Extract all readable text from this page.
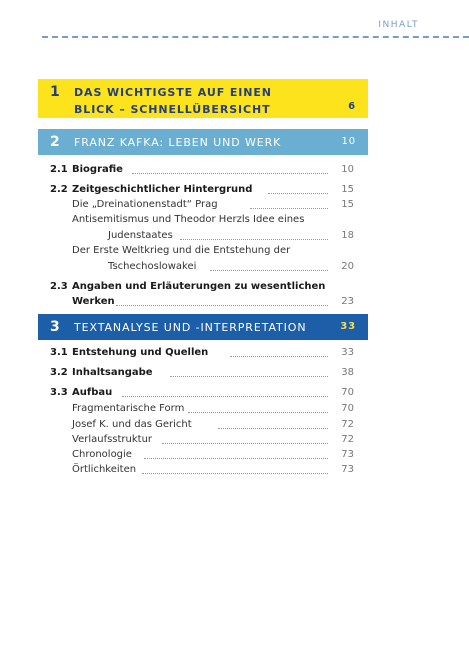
INHALT
1 DAS WICHTIGSTE AUF EINEN BLICK – SCHNELLÜBERSICHT	6
2 FRANZ KAFKA: LEBEN UND WERK	10
2.1 Biografie	10
2.2 Zeitgeschichtlicher Hintergrund	15
Die „Dreinationenstadt“ Prag	15
Antisemitismus und Theodor Herzls Idee eines
Judenstaates	18
Der Erste Weltkrieg und die Entstehung der
Tschechoslowakei	20
2.3 Angaben und Erläuterungen zu wesentlichen
Werken	23
3 TEXTANALYSE UND -INTERPRETATION	33
3.1 Entstehung und Quellen	33
3.2 Inhaltsangabe	38
3.3 Aufbau	70
Fragmentarische Form	70
Josef K. und das Gericht	72
Verlaufsstruktur	72
Chronologie	73
Örtlichkeiten	73
